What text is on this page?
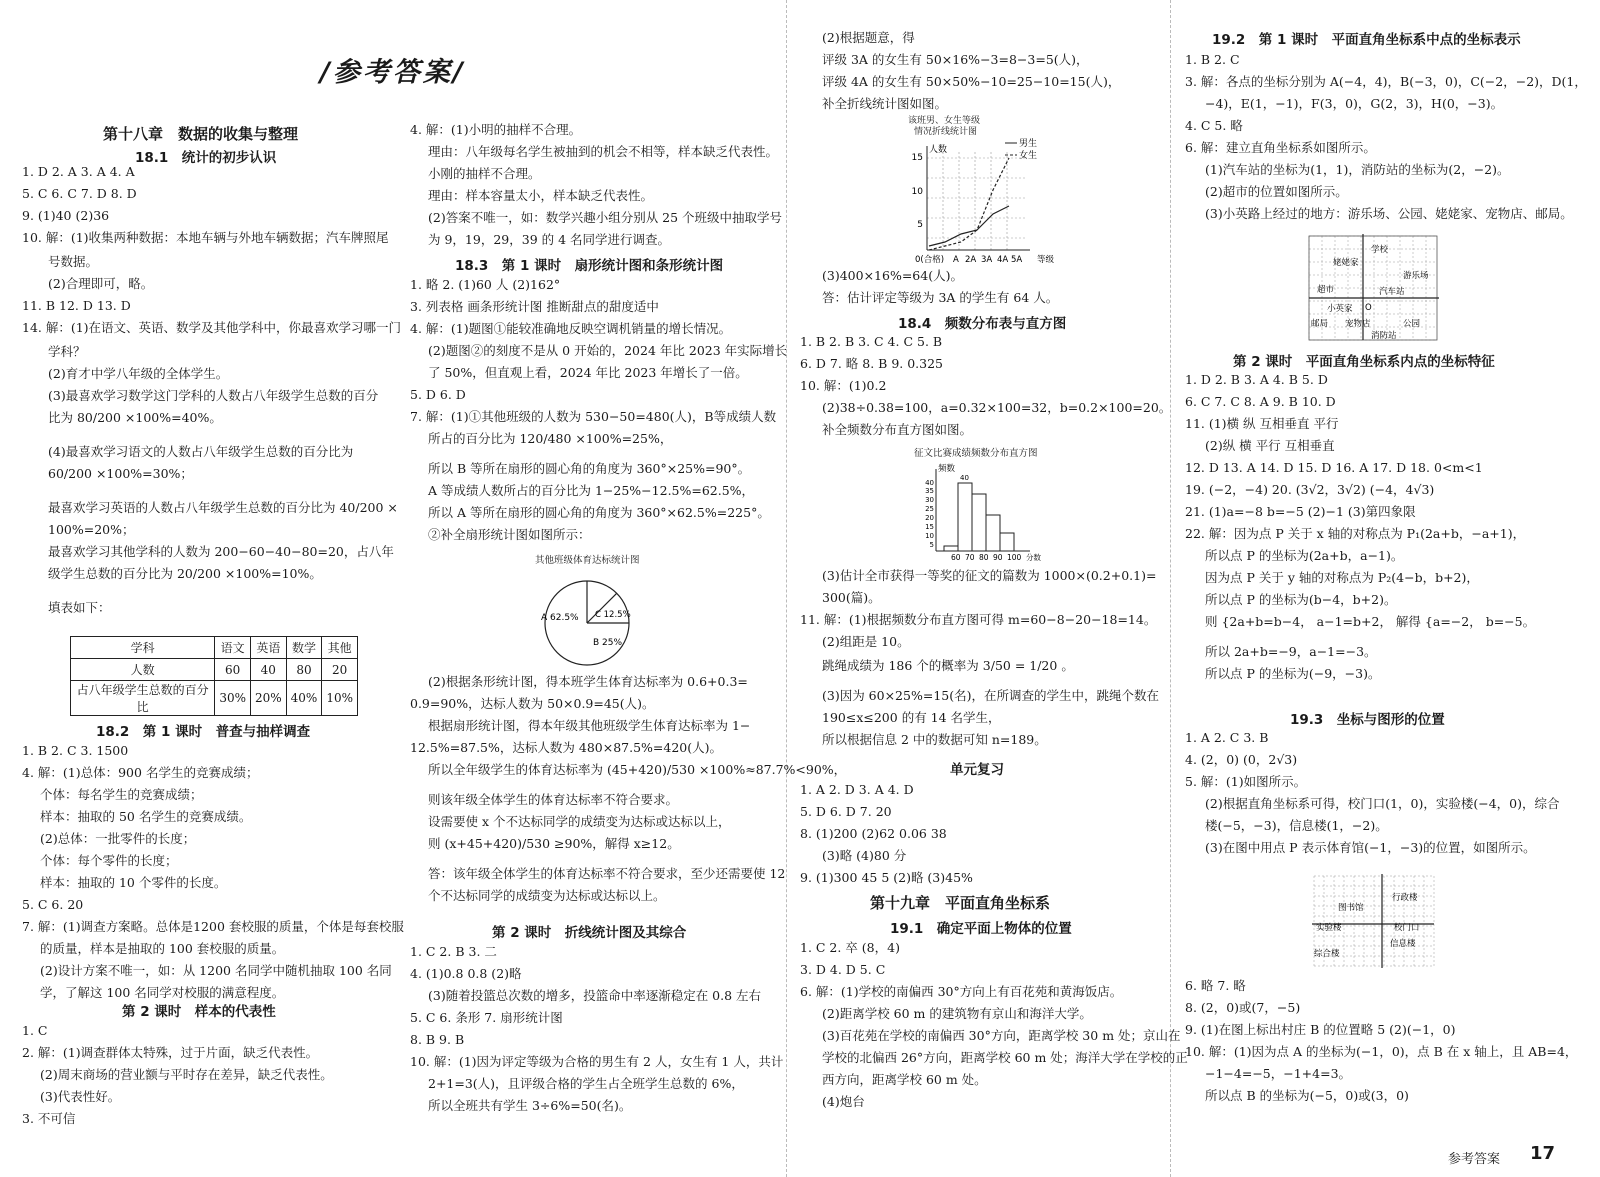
/参考答案/
第十八章　数据的收集与整理
18.1　统计的初步认识
1. D 2. A 3. A 4. A
5. C 6. C 7. D 8. D
9. (1)40 (2)36
10. 解：(1)收集两种数据：本地车辆与外地车辆数据；汽车牌照尾
号数据。
(2)合理即可，略。
11. B 12. D 13. D
14. 解：(1)在语文、英语、数学及其他学科中，你最喜欢学习哪一门
学科？
(2)育才中学八年级的全体学生。
(3)最喜欢学习数学这门学科的人数占八年级学生总数的百分
比为 80/200 ×100%=40%。
(4)最喜欢学习语文的人数占八年级学生总数的百分比为
60/200 ×100%=30%；
最喜欢学习英语的人数占八年级学生总数的百分比为 40/200 ×
100%=20%；
最喜欢学习其他学科的人数为 200−60−40−80=20，占八年
级学生总数的百分比为 20/200 ×100%=10%。
填表如下：
学科	语文	英语	数学	其他
人数	60	40	80	20
占八年级学生总数的百分比	30%	20%	40%	10%
18.2　第 1 课时　普查与抽样调查
1. B 2. C 3. 1500
4. 解：(1)总体：900 名学生的竞赛成绩；
个体：每名学生的竞赛成绩；
样本：抽取的 50 名学生的竞赛成绩。
(2)总体：一批零件的长度；
个体：每个零件的长度；
样本：抽取的 10 个零件的长度。
5. C 6. 20
7. 解：(1)调查方案略。总体是1200 套校服的质量，个体是每套校服
的质量，样本是抽取的 100 套校服的质量。
(2)设计方案不唯一，如：从 1200 名同学中随机抽取 100 名同
学，了解这 100 名同学对校服的满意程度。
第 2 课时　样本的代表性
1. C
2. 解：(1)调查群体太特殊，过于片面，缺乏代表性。
(2)周末商场的营业额与平时存在差异，缺乏代表性。
(3)代表性好。
3. 不可信
4. 解：(1)小明的抽样不合理。
理由：八年级每名学生被抽到的机会不相等，样本缺乏代表性。
小刚的抽样不合理。
理由：样本容量太小，样本缺乏代表性。
(2)答案不唯一，如：数学兴趣小组分别从 25 个班级中抽取学号
为 9，19，29，39 的 4 名同学进行调查。
18.3　第 1 课时　扇形统计图和条形统计图
1. 略 2. (1)60 人 (2)162°
3. 列表格 画条形统计图 推断甜点的甜度适中
4. 解：(1)题图①能较准确地反映空调机销量的增长情况。
(2)题图②的刻度不是从 0 开始的，2024 年比 2023 年实际增长
了 50%，但直观上看，2024 年比 2023 年增长了一倍。
5. D 6. D
7. 解：(1)①其他班级的人数为 530−50=480(人)，B等成绩人数
所占的百分比为 120/480 ×100%=25%，
所以 B 等所在扇形的圆心角的角度为 360°×25%=90°。
A 等成绩人数所占的百分比为 1−25%−12.5%=62.5%，
所以 A 等所在扇形的圆心角的角度为 360°×62.5%=225°。
②补全扇形统计图如图所示：
其他班级体育达标统计图
A 62.5%
B 25%
C 12.5%
(2)根据条形统计图，得本班学生体育达标率为 0.6+0.3=
0.9=90%，达标人数为 50×0.9=45(人)。
根据扇形统计图，得本年级其他班级学生体育达标率为 1−
12.5%=87.5%，达标人数为 480×87.5%=420(人)。
所以全年级学生的体育达标率为 (45+420)/530 ×100%≈87.7%<90%，
则该年级全体学生的体育达标率不符合要求。
设需要使 x 个不达标同学的成绩变为达标或达标以上，
则 (x+45+420)/530 ≥90%，解得 x≥12。
答：该年级全体学生的体育达标率不符合要求，至少还需要使 12
个不达标同学的成绩变为达标或达标以上。
第 2 课时　折线统计图及其综合
1. C 2. B 3. 二
4. (1)0.8 0.8 (2)略
(3)随着投篮总次数的增多，投篮命中率逐渐稳定在 0.8 左右
5. C 6. 条形 7. 扇形统计图
8. B 9. B
10. 解：(1)因为评定等级为合格的男生有 2 人，女生有 1 人，共计
2+1=3(人)，且评级合格的学生占全班学生总数的 6%，
所以全班共有学生 3÷6%=50(名)。
(2)根据题意，得
评级 3A 的女生有 50×16%−3=8−3=5(人)，
评级 4A 的女生有 50×50%−10=25−10=15(人)，
补全折线统计图如图。
该班男、女生等级
情况折线统计图
15
10
5
人数
男生
女生
0(合格) A 2A 3A 4A 5A 等级
(3)400×16%=64(人)。
答：估计评定等级为 3A 的学生有 64 人。
18.4　频数分布表与直方图
1. B 2. B 3. C 4. C 5. B
6. D 7. 略 8. B 9. 0.325
10. 解：(1)0.2
(2)38÷0.38=100，a=0.32×100=32，b=0.2×100=20。
补全频数分布直方图如图。
征文比赛成绩频数分布直方图
频数
40
35
30
25
20
15
10
5
40
60 70 80 90 100 分数
(3)估计全市获得一等奖的征文的篇数为 1000×(0.2+0.1)=
300(篇)。
11. 解：(1)根据频数分布直方图可得 m=60−8−20−18=14。
(2)组距是 10。
跳绳成绩为 186 个的概率为 3/50 = 1/20 。
(3)因为 60×25%=15(名)，在所调查的学生中，跳绳个数在
190≤x≤200 的有 14 名学生，
所以根据信息 2 中的数据可知 n=189。
单元复习
1. A 2. D 3. A 4. D
5. D 6. D 7. 20
8. (1)200 (2)62 0.06 38
(3)略 (4)80 分
9. (1)300 45 5 (2)略 (3)45%
第十九章　平面直角坐标系
19.1　确定平面上物体的位置
1. C 2. 卒 (8，4)
3. D 4. D 5. C
6. 解：(1)学校的南偏西 30°方向上有百花苑和黄海饭店。
(2)距离学校 60 m 的建筑物有京山和海洋大学。
(3)百花苑在学校的南偏西 30°方向，距离学校 30 m 处；京山在
学校的北偏西 26°方向，距离学校 60 m 处；海洋大学在学校的正
西方向，距离学校 60 m 处。
(4)炮台
19.2　第 1 课时　平面直角坐标系中点的坐标表示
1. B 2. C
3. 解：各点的坐标分别为 A(−4，4)，B(−3，0)，C(−2，−2)，D(1，
−4)，E(1，−1)，F(3，0)，G(2，3)，H(0，−3)。
4. C 5. 略
6. 解：建立直角坐标系如图所示。
(1)汽车站的坐标为(1，1)，消防站的坐标为(2，−2)。
(2)超市的位置如图所示。
(3)小英路上经过的地方：游乐场、公园、姥姥家、宠物店、邮局。
学校
游乐场
姥姥家
汽车站
超市
小英家 O
邮局 宠物店	公园
消防站
第 2 课时　平面直角坐标系内点的坐标特征
1. D 2. B 3. A 4. B 5. D
6. C 7. C 8. A 9. B 10. D
11. (1)横 纵 互相垂直 平行
(2)纵 横 平行 互相垂直
12. D 13. A 14. D 15. D 16. A 17. D 18. 0<m<1
19. (−2，−4) 20. (3√2，3√2) (−4，4√3)
21. (1)a=−8 b=−5 (2)−1 (3)第四象限
22. 解：因为点 P 关于 x 轴的对称点为 P₁(2a+b，−a+1)，
所以点 P 的坐标为(2a+b，a−1)。
因为点 P 关于 y 轴的对称点为 P₂(4−b，b+2)，
所以点 P 的坐标为(b−4，b+2)。
则 {2a+b=b−4， a−1=b+2， 解得 {a=−2， b=−5。
所以 2a+b=−9，a−1=−3。
所以点 P 的坐标为(−9，−3)。
19.3　坐标与图形的位置
1. A 2. C 3. B
4. (2，0) (0，2√3)
5. 解：(1)如图所示。
(2)根据直角坐标系可得，校门口(1，0)，实验楼(−4，0)，综合
楼(−5，−3)，信息楼(1，−2)。
(3)在图中用点 P 表示体育馆(−1，−3)的位置，如图所示。
图书馆
行政楼
实验楼	校门口
信息楼
综合楼
6. 略 7. 略
8. (2，0)或(7，−5)
9. (1)在图上标出村庄 B 的位置略 5 (2)(−1，0)
10. 解：(1)因为点 A 的坐标为(−1，0)，点 B 在 x 轴上，且 AB=4，
−1−4=−5，−1+4=3。
所以点 B 的坐标为(−5，0)或(3，0)
参考答案 17
